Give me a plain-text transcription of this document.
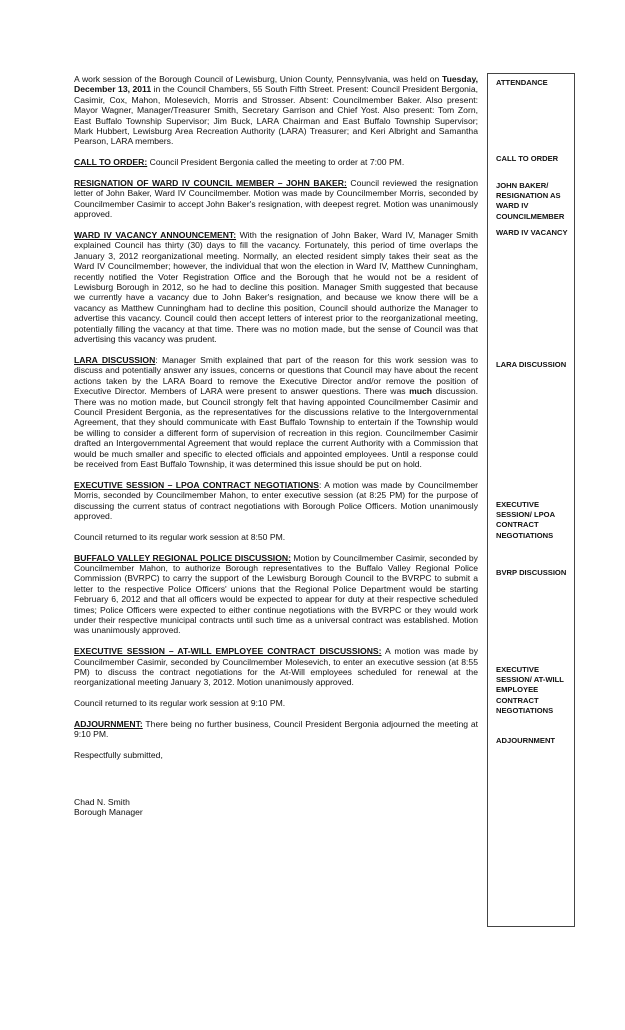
A work session of the Borough Council of Lewisburg, Union County, Pennsylvania, was held on Tuesday, December 13, 2011 in the Council Chambers, 55 South Fifth Street. Present: Council President Bergonia, Casimir, Cox, Mahon, Molesevich, Morris and Strosser. Absent: Councilmember Baker. Also present: Mayor Wagner, Manager/Treasurer Smith, Secretary Garrison and Chief Yost. Also present: Tom Zorn, East Buffalo Township Supervisor; Jim Buck, LARA Chairman and East Buffalo Township Supervisor; Mark Hubbert, Lewisburg Area Recreation Authority (LARA) Treasurer; and Keri Albright and Samantha Pearson, LARA members.

CALL TO ORDER: Council President Bergonia called the meeting to order at 7:00 PM.

RESIGNATION OF WARD IV COUNCIL MEMBER – JOHN BAKER: Council reviewed the resignation letter of John Baker, Ward IV Councilmember. Motion was made by Councilmember Morris, seconded by Councilmember Casimir to accept John Baker's resignation, with deepest regret. Motion was unanimously approved.

WARD IV VACANCY ANNOUNCEMENT: With the resignation of John Baker, Ward IV, Manager Smith explained Council has thirty (30) days to fill the vacancy. Fortunately, this period of time overlaps the January 3, 2012 reorganizational meeting. Normally, an elected resident simply takes their seat as the Ward IV Councilmember; however, the individual that won the election in Ward IV, Matthew Cunningham, recently notified the Voter Registration Office and the Borough that he would not be a resident of Lewisburg Borough in 2012, so he had to decline this position. Manager Smith suggested that because we currently have a vacancy due to John Baker's resignation, and because we know there will be a vacancy as Matthew Cunningham had to decline this position, Council should authorize the Manager to advertise this vacancy. Council could then accept letters of interest prior to the reorganizational meeting, potentially filling the vacancy at that time. There was no motion made, but the sense of Council was that advertising this vacancy was prudent.

LARA DISCUSSION: Manager Smith explained that part of the reason for this work session was to discuss and potentially answer any issues, concerns or questions that Council may have about the recent actions taken by the LARA Board to remove the Executive Director and/or remove the position of Executive Director. Members of LARA were present to answer questions. There was much discussion. There was no motion made, but Council strongly felt that having appointed Councilmember Casimir and Council President Bergonia, as the representatives for the discussions relative to the Intergovernmental Agreement, that they should communicate with East Buffalo Township to entertain if the Township would be willing to consider a different form of supervision of recreation in this region. Councilmember Casimir drafted an Intergovernmental Agreement that would replace the current Authority with a Commission that would be much smaller and specific to elected officials and appointed employees. Until a response could be received from East Buffalo Township, it was determined this issue should be put on hold.

EXECUTIVE SESSION – LPOA CONTRACT NEGOTIATIONS: A motion was made by Councilmember Morris, seconded by Councilmember Mahon, to enter executive session (at 8:25 PM) for the purpose of discussing the current status of contract negotiations with Borough Police Officers. Motion unanimously approved.

Council returned to its regular work session at 8:50 PM.

BUFFALO VALLEY REGIONAL POLICE DISCUSSION: Motion by Councilmember Casimir, seconded by Councilmember Mahon, to authorize Borough representatives to the Buffalo Valley Regional Police Commission (BVRPC) to carry the support of the Lewisburg Borough Council to the BVRPC to submit a letter to the respective Police Officers' unions that the Regional Police Department would be starting February 6, 2012 and that all officers would be expected to appear for duty at their respective scheduled times; Police Officers were expected to either continue negotiations with the BVRPC or they would work under their respective municipal contracts until such time as a universal contract was established. Motion was unanimously approved.

EXECUTIVE SESSION – AT-WILL EMPLOYEE CONTRACT DISCUSSIONS: A motion was made by Councilmember Casimir, seconded by Councilmember Molesevich, to enter an executive session (at 8:55 PM) to discuss the contract negotiations for the At-Will employees scheduled for renewal at the reorganizational meeting January 3, 2012. Motion unanimously approved.

Council returned to its regular work session at 9:10 PM.

ADJOURNMENT: There being no further business, Council President Bergonia adjourned the meeting at 9:10 PM.

Respectfully submitted,

Chad N. Smith
Borough Manager
ATTENDANCE
CALL TO ORDER
JOHN BAKER/ RESIGNATION AS WARD IV COUNCILMEMBER
WARD IV VACANCY
LARA DISCUSSION
EXECUTIVE SESSION/ LPOA CONTRACT NEGOTIATIONS
BVRP DISCUSSION
EXECUTIVE SESSION/ AT-WILL EMPLOYEE CONTRACT NEGOTIATIONS
ADJOURNMENT
